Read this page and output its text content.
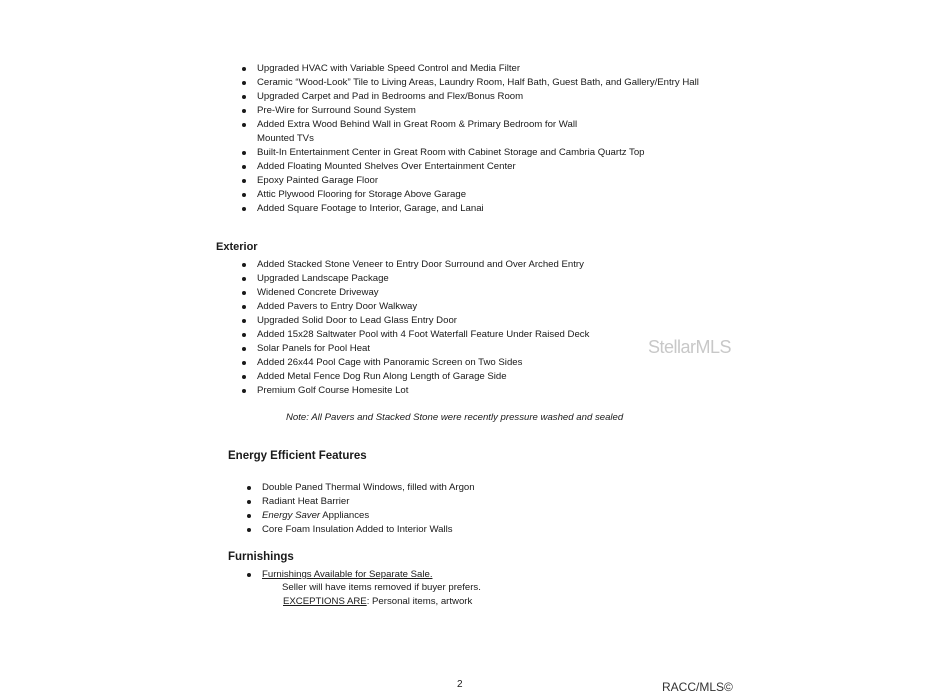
Upgraded HVAC with Variable Speed Control and Media Filter
Ceramic “Wood-Look” Tile to Living Areas, Laundry Room, Half Bath, Guest Bath, and Gallery/Entry Hall
Upgraded Carpet and Pad in Bedrooms and Flex/Bonus Room
Pre-Wire for Surround Sound System
Added Extra Wood Behind Wall in Great Room & Primary Bedroom for Wall Mounted TVs
Built-In Entertainment Center in Great Room with Cabinet Storage and Cambria Quartz Top
Added Floating Mounted Shelves Over Entertainment Center
Epoxy Painted Garage Floor
Attic Plywood Flooring for Storage Above Garage
Added Square Footage to Interior, Garage, and Lanai
Exterior
Added Stacked Stone Veneer to Entry Door Surround and Over Arched Entry
Upgraded Landscape Package
Widened Concrete Driveway
Added Pavers to Entry Door Walkway
Upgraded Solid Door to Lead Glass Entry Door
Added 15x28 Saltwater Pool with 4 Foot Waterfall Feature Under Raised Deck
Solar Panels for Pool Heat
Added 26x44 Pool Cage with Panoramic Screen on Two Sides
Added Metal Fence Dog Run Along Length of Garage Side
Premium Golf Course Homesite Lot
Note: All Pavers and Stacked Stone were recently pressure washed and sealed
Energy Efficient Features
Double Paned Thermal Windows, filled with Argon
Radiant Heat Barrier
Energy Saver Appliances
Core Foam Insulation Added to Interior Walls
Furnishings
Furnishings Available for Separate Sale.
Seller will have items removed if buyer prefers.
EXCEPTIONS ARE: Personal items, artwork
StellarMLS
2	RACC/MLS©
